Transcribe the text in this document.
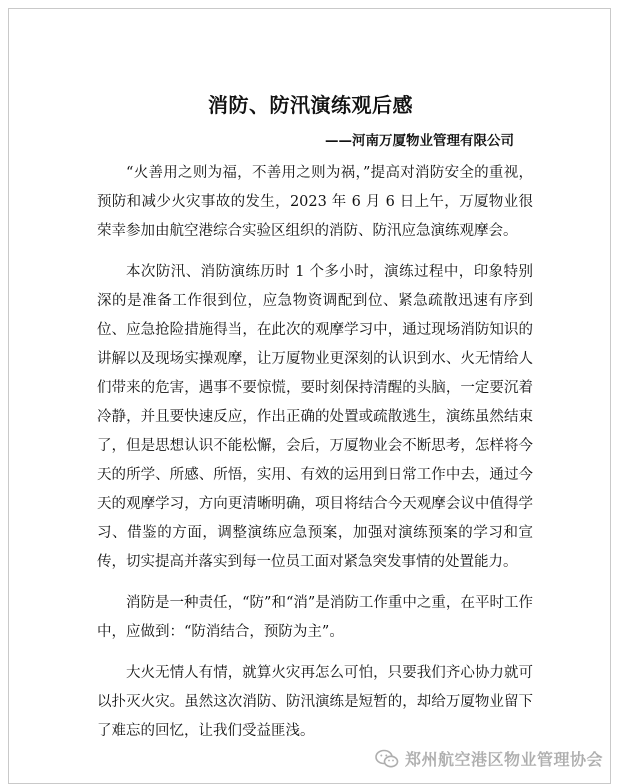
消防、防汛演练观后感

——河南万厦物业管理有限公司

“火善用之则为福，不善用之则为祸，”提高对消防安全的重视，预防和减少火灾事故的发生，2023 年 6 月 6 日上午，万厦物业很荣幸参加由航空港综合实验区组织的消防、防汛应急演练观摩会。

本次防汛、消防演练历时 1 个多小时，演练过程中，印象特别深的是准备工作很到位，应急物资调配到位、紧急疏散迅速有序到位、应急抢险措施得当，在此次的观摩学习中，通过现场消防知识的讲解以及现场实操观摩，让万厦物业更深刻的认识到水、火无情给人们带来的危害，遇事不要惊慌，要时刻保持清醒的头脑，一定要沉着冷静，并且要快速反应，作出正确的处置或疏散逃生，演练虽然结束了，但是思想认识不能松懈，会后，万厦物业会不断思考，怎样将今天的所学、所感、所悟，实用、有效的运用到日常工作中去，通过今天的观摩学习，方向更清晰明确，项目将结合今天观摩会议中值得学习、借鉴的方面，调整演练应急预案，加强对演练预案的学习和宣传，切实提高并落实到每一位员工面对紧急突发事情的处置能力。

消防是一种责任，“防”和“消”是消防工作重中之重，在平时工作中，应做到：“防消结合，预防为主”。

大火无情人有情，就算火灾再怎么可怕，只要我们齐心协力就可以扑灭火灾。虽然这次消防、防汛演练是短暂的，却给万厦物业留下了难忘的回忆，让我们受益匪浅。

郑州航空港区物业管理协会
